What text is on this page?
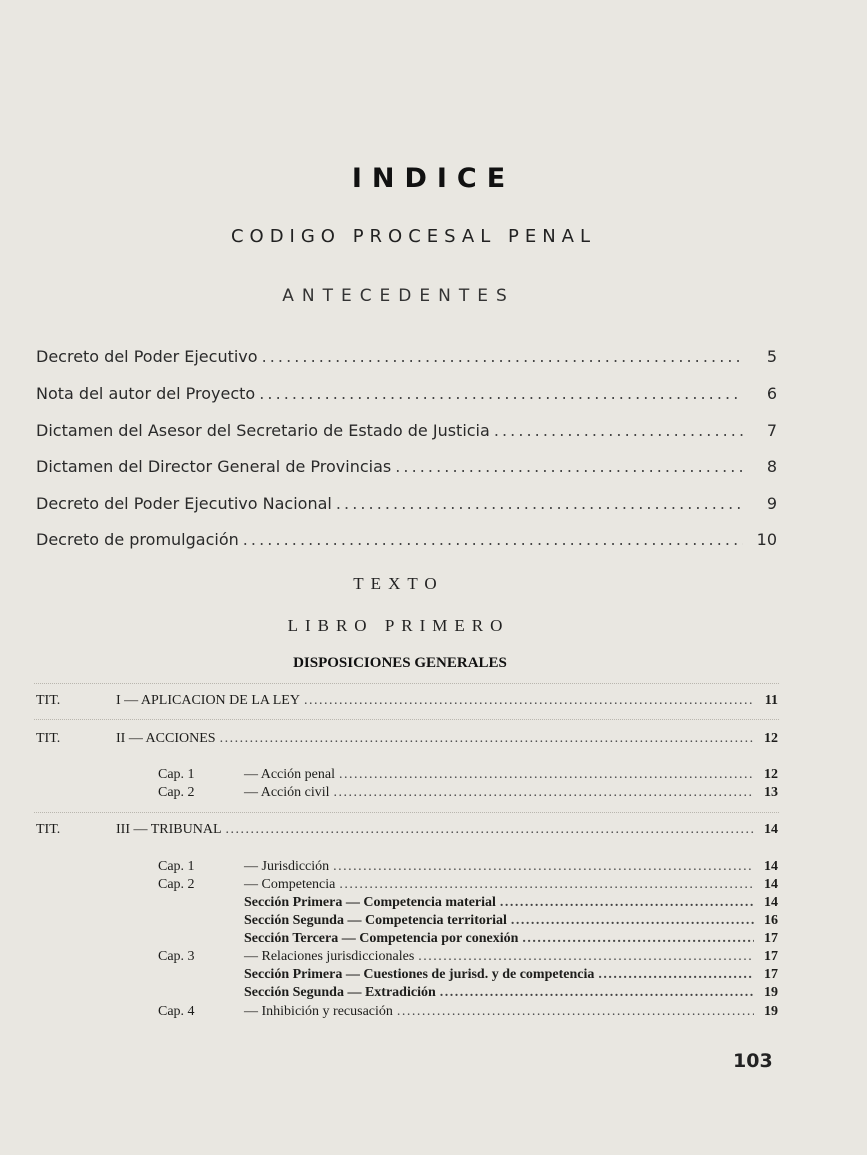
INDICE
CODIGO PROCESAL PENAL
ANTECEDENTES
Decreto del Poder Ejecutivo . . .	5
Nota del autor del Proyecto . . .	6
Dictamen del Asesor del Secretario de Estado de Justicia . . .	7
Dictamen del Director General de Provincias . . .	8
Decreto del Poder Ejecutivo Nacional . . .	9
Decreto de promulgación . . .	10
TEXTO
LIBRO PRIMERO
DISPOSICIONES GENERALES
TIT.	I — APLICACION DE LA LEY . . .	11
TIT.	II — ACCIONES . . .	12
Cap. 1	— Acción penal . . .	12
Cap. 2	— Acción civil . . .	13
TIT.	III — TRIBUNAL . . .	14
Cap. 1	— Jurisdicción . . .	14
Cap. 2	— Competencia . . .	14
Sección Primera — Competencia material . . .	14
Sección Segunda — Competencia territorial . . .	16
Sección Tercera — Competencia por conexión . . .	17
Cap. 3	— Relaciones jurisdiccionales . . .	17
Sección Primera — Cuestiones de jurisd. y de competencia . . .	17
Sección Segunda — Extradición . . .	19
Cap. 4	— Inhibición y recusación . . .	19
103
